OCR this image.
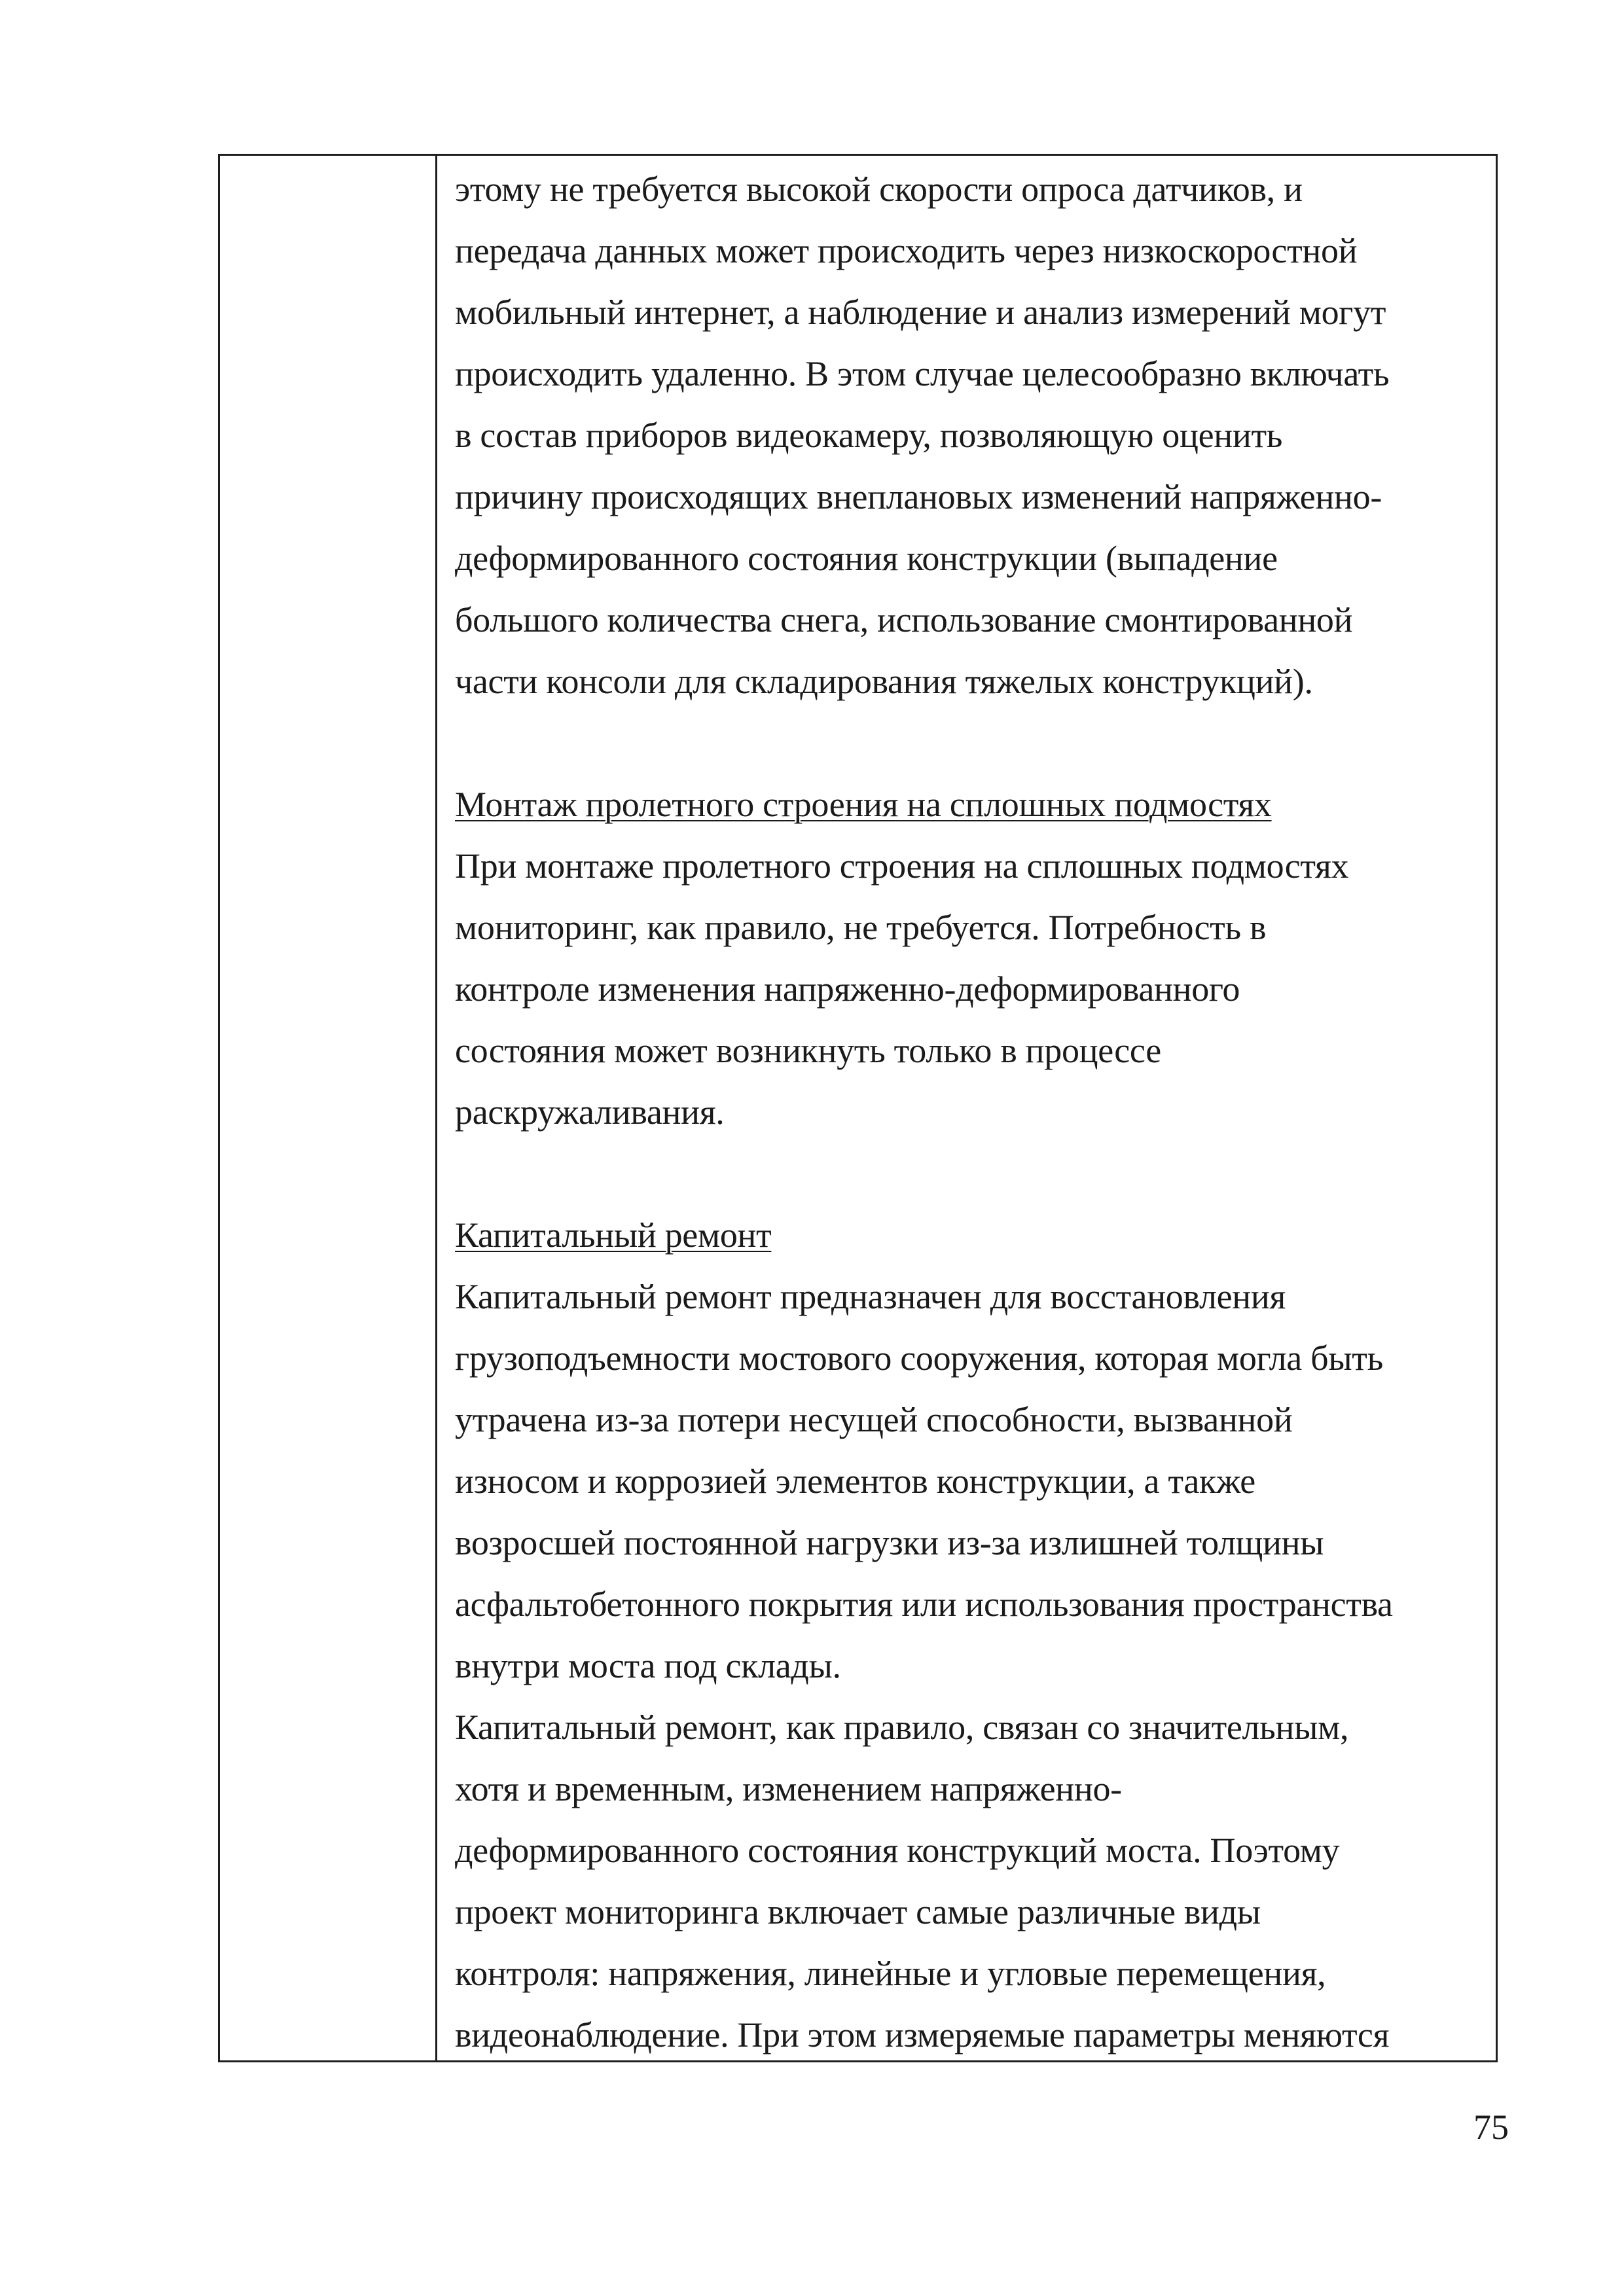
этому не требуется высокой скорости опроса датчиков, и

передача данных может происходить через низкоскоростной

мобильный интернет, а наблюдение и анализ измерений могут

происходить удаленно. В этом случае целесообразно включать

в состав приборов видеокамеру, позволяющую оценить

причину происходящих внеплановых изменений напряженно-

деформированного состояния конструкции (выпадение

большого количества снега, использование смонтированной

части консоли для складирования тяжелых конструкций).

Монтаж пролетного строения на сплошных подмостях

При монтаже пролетного строения на сплошных подмостях

мониторинг, как правило, не требуется. Потребность в

контроле изменения напряженно-деформированного

состояния может возникнуть только в процессе

раскружаливания.

Капитальный ремонт

Капитальный ремонт предназначен для восстановления

грузоподъемности мостового сооружения, которая могла быть

утрачена из-за потери несущей способности, вызванной

износом и коррозией элементов конструкции, а также

возросшей постоянной нагрузки из-за излишней толщины

асфальтобетонного покрытия или использования пространства

внутри моста под склады.

Капитальный ремонт, как правило, связан со значительным,

хотя и временным, изменением напряженно-

деформированного состояния конструкций моста. Поэтому

проект мониторинга включает самые различные виды

контроля: напряжения, линейные и угловые перемещения,

видеонаблюдение. При этом измеряемые параметры меняются

75
